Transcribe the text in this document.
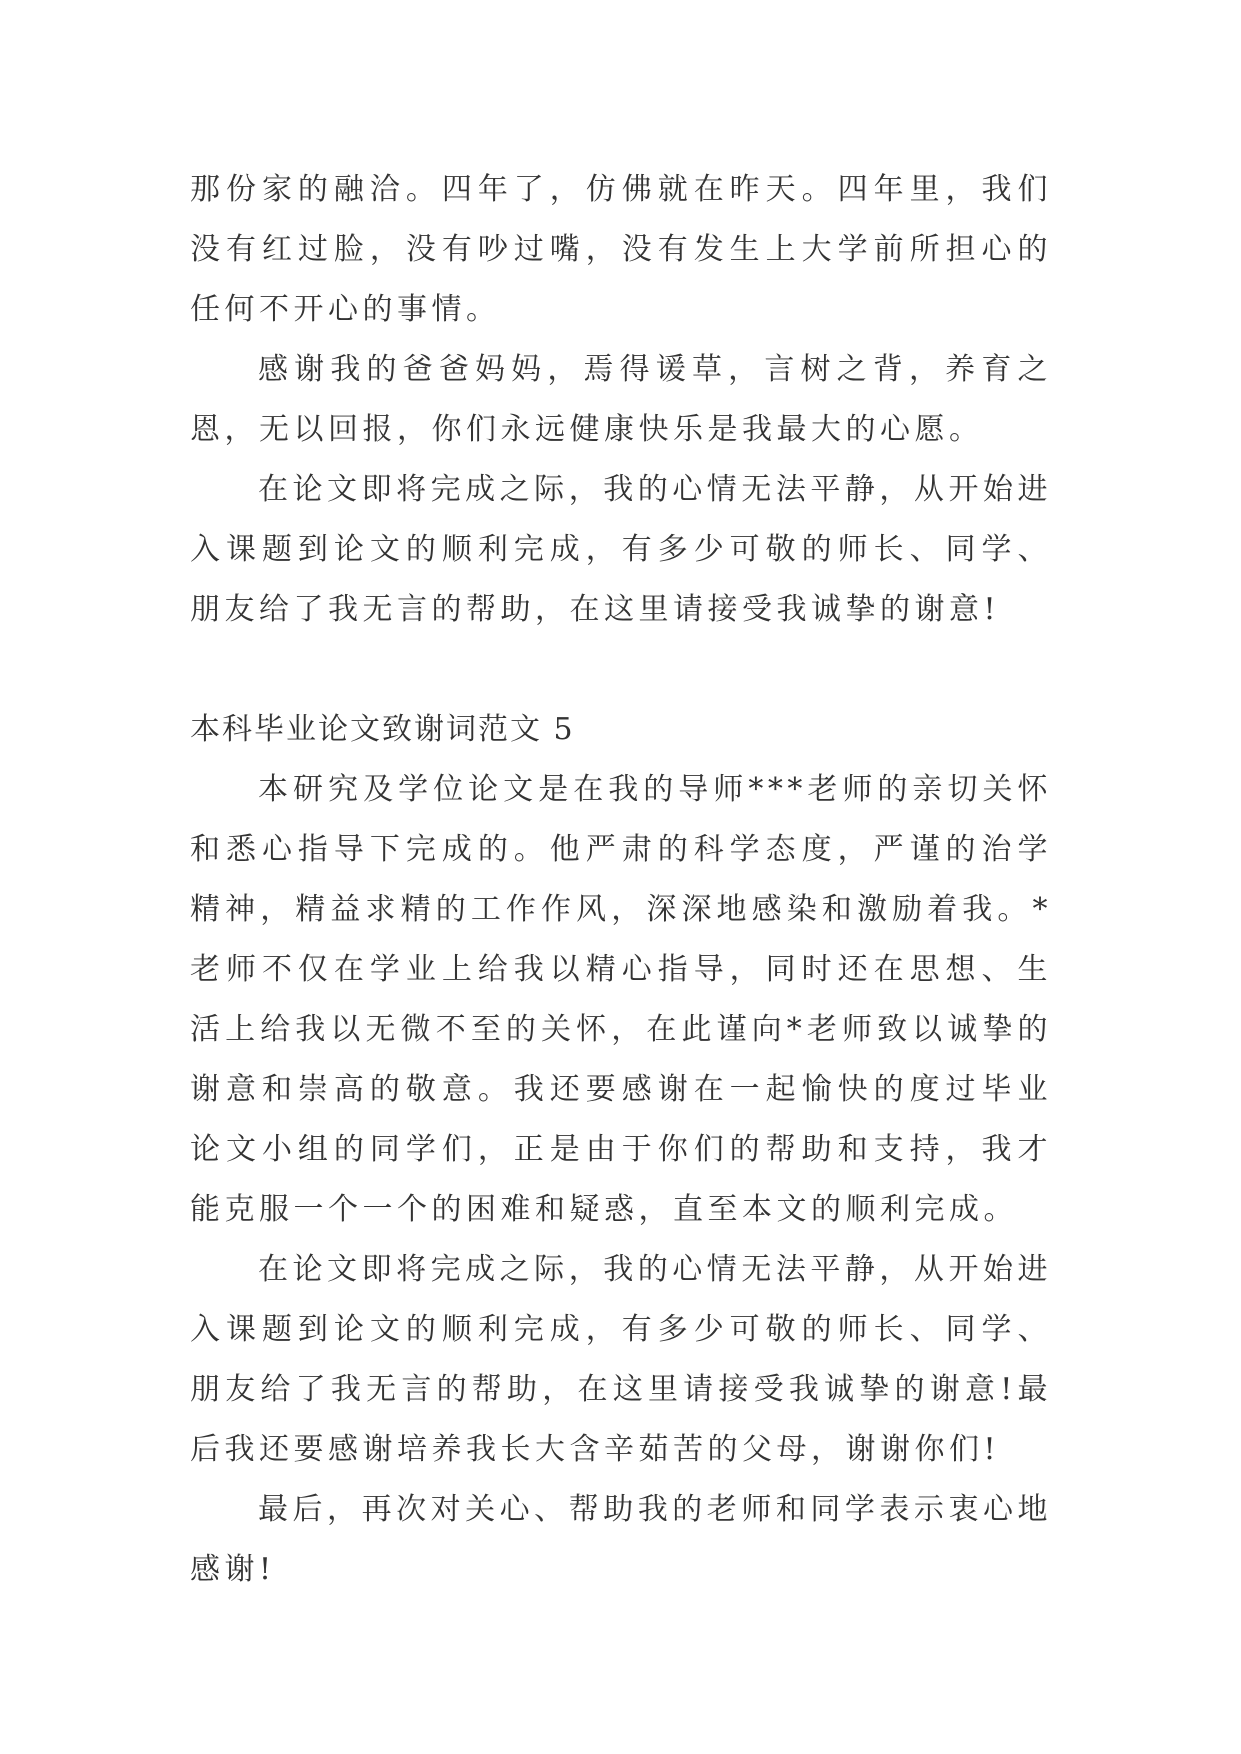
那份家的融洽。四年了，仿佛就在昨天。四年里，我们没有红过脸，没有吵过嘴，没有发生上大学前所担心的任何不开心的事情。

感谢我的爸爸妈妈，焉得谖草，言树之背，养育之恩，无以回报，你们永远健康快乐是我最大的心愿。

在论文即将完成之际，我的心情无法平静，从开始进入课题到论文的顺利完成，有多少可敬的师长、同学、朋友给了我无言的帮助，在这里请接受我诚挚的谢意!

本科毕业论文致谢词范文 5

本研究及学位论文是在我的导师***老师的亲切关怀和悉心指导下完成的。他严肃的科学态度，严谨的治学精神，精益求精的工作作风，深深地感染和激励着我。*老师不仅在学业上给我以精心指导，同时还在思想、生活上给我以无微不至的关怀，在此谨向*老师致以诚挚的谢意和崇高的敬意。我还要感谢在一起愉快的度过毕业论文小组的同学们，正是由于你们的帮助和支持，我才能克服一个一个的困难和疑惑，直至本文的顺利完成。

在论文即将完成之际，我的心情无法平静，从开始进入课题到论文的顺利完成，有多少可敬的师长、同学、朋友给了我无言的帮助，在这里请接受我诚挚的谢意!最后我还要感谢培养我长大含辛茹苦的父母，谢谢你们!

最后，再次对关心、帮助我的老师和同学表示衷心地感谢!
